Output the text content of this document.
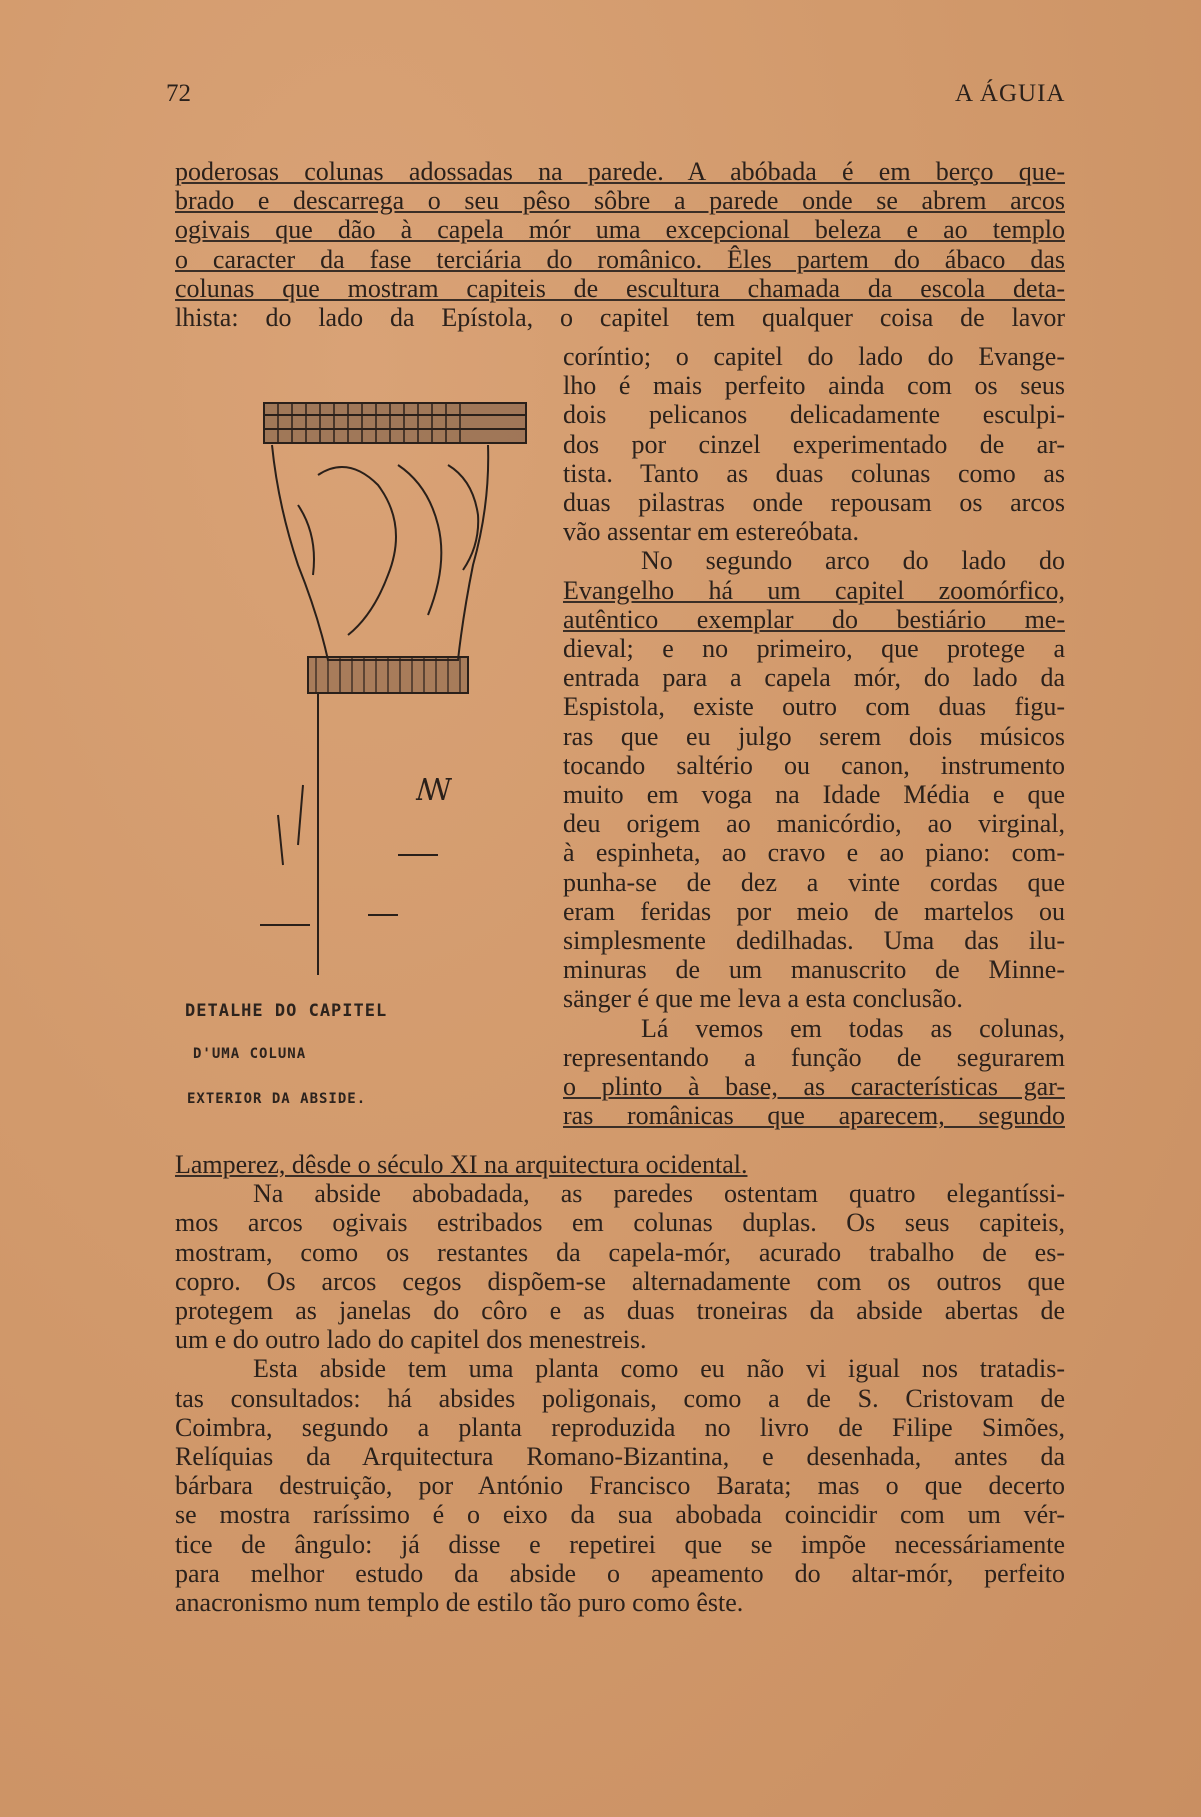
72	A ÁGUIA
poderosas colunas adossadas na parede. A abóbada é em berço que-
brado e descarrega o seu pêso sôbre a parede onde se abrem arcos
ogivais que dão à capela mór uma excepcional beleza e ao templo
o caracter da fase terciária do românico. Êles partem do ábaco das
colunas que mostram capiteis de escultura chamada da escola deta-
lhista: do lado da Epístola, o capitel tem qualquer coisa de lavor
ꟿ
DETALHE DO CAPITEL
D'UMA COLUNA
EXTERIOR DA ABSIDE.
coríntio; o capitel do lado do Evange-
lho é mais perfeito ainda com os seus
dois pelicanos delicadamente esculpi-
dos por cinzel experimentado de ar-
tista. Tanto as duas colunas como as
duas pilastras onde repousam os arcos
vão assentar em estereóbata.
No segundo arco do lado do
Evangelho há um capitel zoomórfico,
autêntico exemplar do bestiário me-
dieval; e no primeiro, que protege a
entrada para a capela mór, do lado da
Espistola, existe outro com duas figu-
ras que eu julgo serem dois músicos
tocando saltério ou canon, instrumento
muito em voga na Idade Média e que
deu origem ao manicórdio, ao virginal,
à espinheta, ao cravo e ao piano: com-
punha-se de dez a vinte cordas que
eram feridas por meio de martelos ou
simplesmente dedilhadas. Uma das ilu-
minuras de um manuscrito de Minne-
sänger é que me leva a esta conclusão.
Lá vemos em todas as colunas,
representando a função de segurarem
o plinto à base, as características gar-
ras românicas que aparecem, segundo
Lamperez, dêsde o século XI na arquitectura ocidental.
Na abside abobadada, as paredes ostentam quatro elegantíssi-
mos arcos ogivais estribados em colunas duplas. Os seus capiteis,
mostram, como os restantes da capela-mór, acurado trabalho de es-
copro. Os arcos cegos dispõem-se alternadamente com os outros que
protegem as janelas do côro e as duas troneiras da abside abertas de
um e do outro lado do capitel dos menestreis.
Esta abside tem uma planta como eu não vi igual nos tratadis-
tas consultados: há absides poligonais, como a de S. Cristovam de
Coimbra, segundo a planta reproduzida no livro de Filipe Simões,
Relíquias da Arquitectura Romano-Bizantina, e desenhada, antes da
bárbara destruição, por António Francisco Barata; mas o que decerto
se mostra raríssimo é o eixo da sua abobada coincidir com um vér-
tice de ângulo: já disse e repetirei que se impõe necessáriamente
para melhor estudo da abside o apeamento do altar-mór, perfeito
anacronismo num templo de estilo tão puro como êste.
